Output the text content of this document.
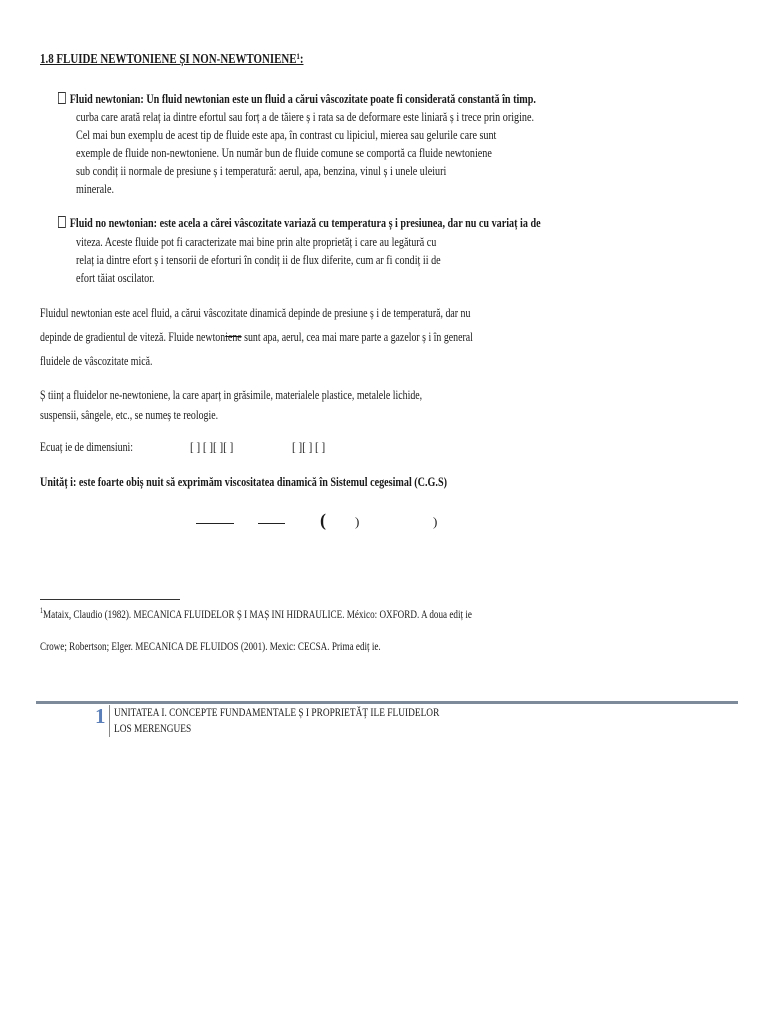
1.8 FLUIDE NEWTONIENE ȘI NON-NEWTONIENE¹:
Fluid newtonian: Un fluid newtonian este un fluid a cărui vâscozitate poate fi considerată constantă în timp.
curba care arată relaț ia dintre efortul sau forț a de tăiere ș i rata sa de deformare este liniară ș i trece prin origine.
Cel mai bun exemplu de acest tip de fluide este apa, în contrast cu lipiciul, mierea sau gelurile care sunt
exemple de fluide non-newtoniene. Un număr bun de fluide comune se comportă ca fluide newtoniene
sub condiț ii normale de presiune ș i temperatură: aerul, apa, benzina, vinul ș i unele uleiuri
minerale.
Fluid no newtonian: este acela a cărei vâscozitate variază cu temperatura ș i presiunea, dar nu cu variaț ia de
viteza. Aceste fluide pot fi caracterizate mai bine prin alte proprietăț i care au legătură cu
relaț ia dintre efort ș i tensorii de eforturi în condiț ii de flux diferite, cum ar fi condiț ii de
efort tăiat oscilator.
Fluidul newtonian este acel fluid, a cărui vâscozitate dinamică depinde de presiune ș i de temperatură, dar nu
depinde de gradientul de viteză. Fluide newtoniene sunt apa, aerul, cea mai mare parte a gazelor ș i în general
fluidele de vâscozitate mică.
Ș tiinț a fluidelor ne-newtoniene, la care aparț in grăsimile, materialele plastice, metalele lichide,
suspensii, sângele, etc., se numeș te reologie.
Ecuaț ie de dimensiuni:	[ ] [ ][ ][ ]	[ ][ ] [ ]
Unităț i: este foarte obiș nuit să exprimăm viscositatea dinamică în Sistemul cegesimal (C.G.S)
( )	)
$^1$Mataix, Claudio (1982). MECANICA FLUIDELOR Ș I MAȘ INI HIDRAULICE. México: OXFORD. A doua ediț ie
Crowe; Robertson; Elger. MECANICA DE FLUIDOS (2001). Mexic: CECSA. Prima ediț ie.
1 UNITATEA I. CONCEPTE FUNDAMENTALE Ș I PROPRIETĂȚ ILE FLUIDELOR
LOS MERENGUES
